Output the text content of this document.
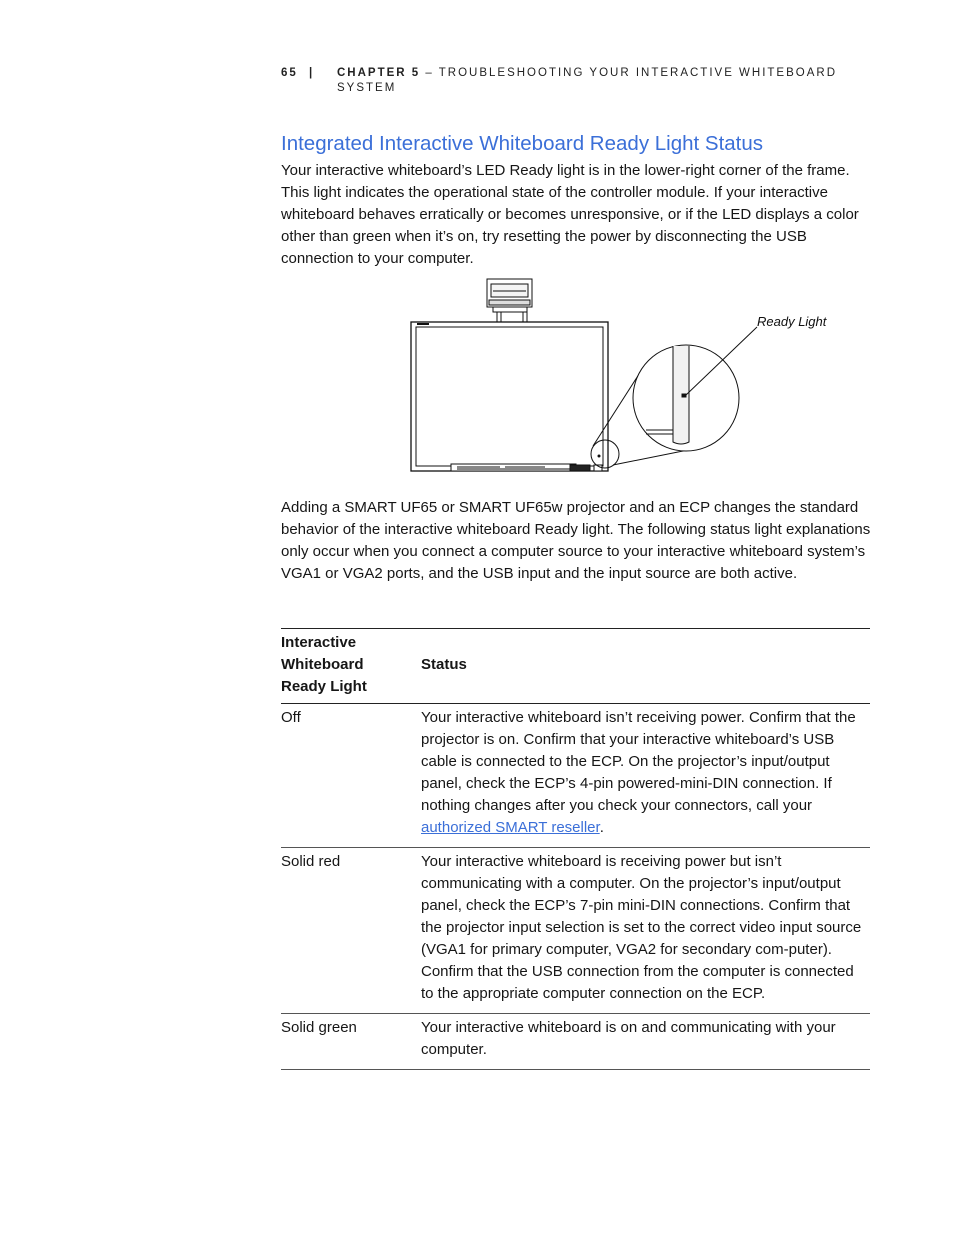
65 | CHAPTER 5 – TROUBLESHOOTING YOUR INTERACTIVE WHITEBOARD SYSTEM
Integrated Interactive Whiteboard Ready Light Status

Your interactive whiteboard’s LED Ready light is in the lower-right corner of the frame. This light indicates the operational state of the controller module. If your interactive whiteboard behaves erratically or becomes unresponsive, or if the LED displays a color other than green when it’s on, try resetting the power by disconnecting the USB connection to your computer.

Ready Light

Adding a SMART UF65 or SMART UF65w projector and an ECP changes the standard behavior of the interactive whiteboard Ready light. The following status light explanations only occur when you connect a computer source to your interactive whiteboard system’s VGA1 or VGA2 ports, and the USB input and the input source are both active.

Interactive
Whiteboard
Ready Light	Status
Off	Your interactive whiteboard isn’t receiving power. Confirm that the projector is on. Confirm that your interactive whiteboard’s USB cable is connected to the ECP. On the projector’s input/output panel, check the ECP’s 4-pin powered-mini-DIN connection. If nothing changes after you check your connectors, call your authorized SMART reseller.
Solid red	Your interactive whiteboard is receiving power but isn’t communicating with a computer. On the projector’s input/output panel, check the ECP’s 7-pin mini-DIN connections. Confirm that the projector input selection is set to the correct video input source (VGA1 for primary computer, VGA2 for secondary com-puter). Confirm that the USB connection from the computer is connected to the appropriate computer connection on the ECP.
Solid green	Your interactive whiteboard is on and communicating with your computer.
